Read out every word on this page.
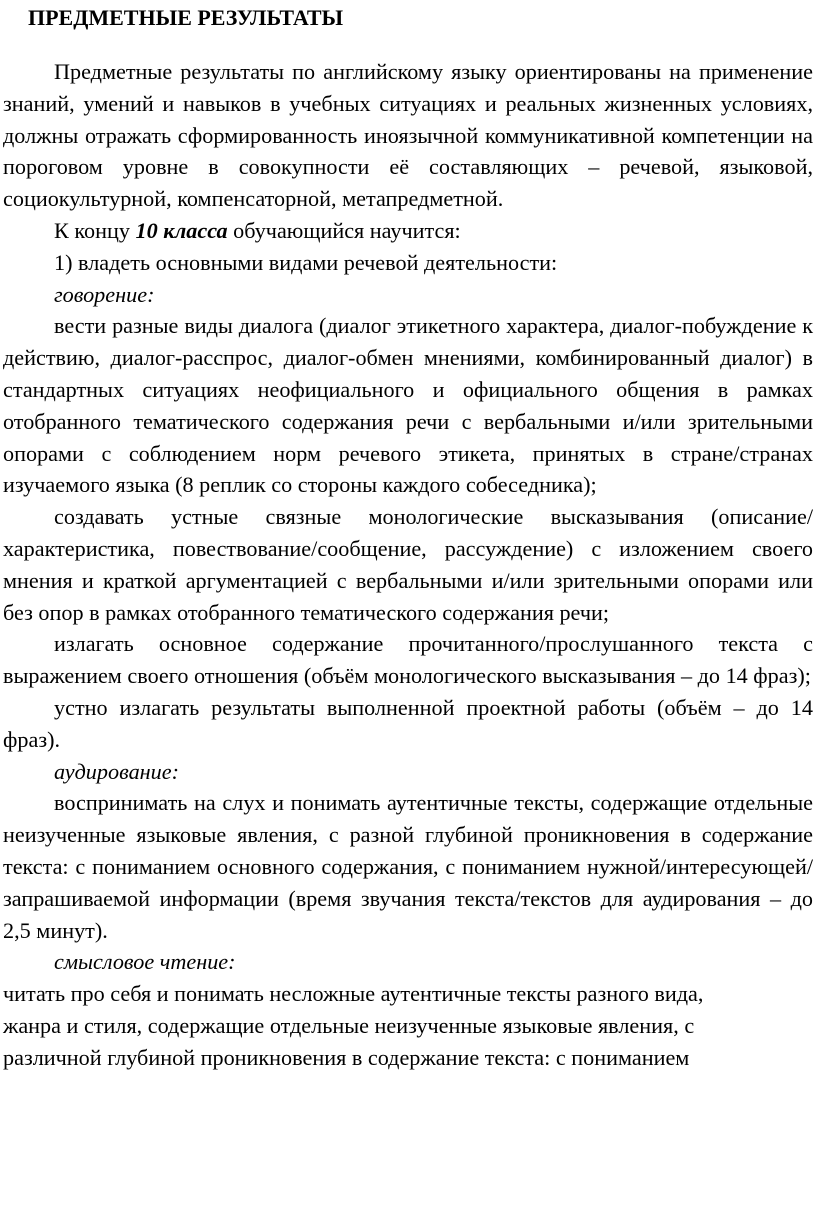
ПРЕДМЕТНЫЕ РЕЗУЛЬТАТЫ

Предметные результаты по английскому языку ориентированы на применение знаний, умений и навыков в учебных ситуациях и реальных жизненных условиях, должны отражать сформированность иноязычной коммуникативной компетенции на пороговом уровне в совокупности её составляющих – речевой, языковой, социокультурной, компенсаторной, метапредметной.

К концу 10 класса обучающийся научится:

1) владеть основными видами речевой деятельности:

говорение:

вести разные виды диалога (диалог этикетного характера, диалог-побуждение к действию, диалог-расспрос, диалог-обмен мнениями, комбинированный диалог) в стандартных ситуациях неофициального и официального общения в рамках отобранного тематического содержания речи с вербальными и/или зрительными опорами с соблюдением норм речевого этикета, принятых в стране/странах изучаемого языка (8 реплик со стороны каждого собеседника);

создавать устные связные монологические высказывания (описание/характеристика, повествование/сообщение, рассуждение) с изложением своего мнения и краткой аргументацией с вербальными и/или зрительными опорами или без опор в рамках отобранного тематического содержания речи;

излагать основное содержание прочитанного/прослушанного текста с выражением своего отношения (объём монологического высказывания – до 14 фраз);

устно излагать результаты выполненной проектной работы (объём – до 14 фраз).

аудирование:

воспринимать на слух и понимать аутентичные тексты, содержащие отдельные неизученные языковые явления, с разной глубиной проникновения в содержание текста: с пониманием основного содержания, с пониманием нужной/интересующей/запрашиваемой информации (время звучания текста/текстов для аудирования – до 2,5 минут).

смысловое чтение:

читать про себя и понимать несложные аутентичные тексты разного вида,

жанра и стиля, содержащие отдельные неизученные языковые явления, с

различной глубиной проникновения в содержание текста: с пониманием
